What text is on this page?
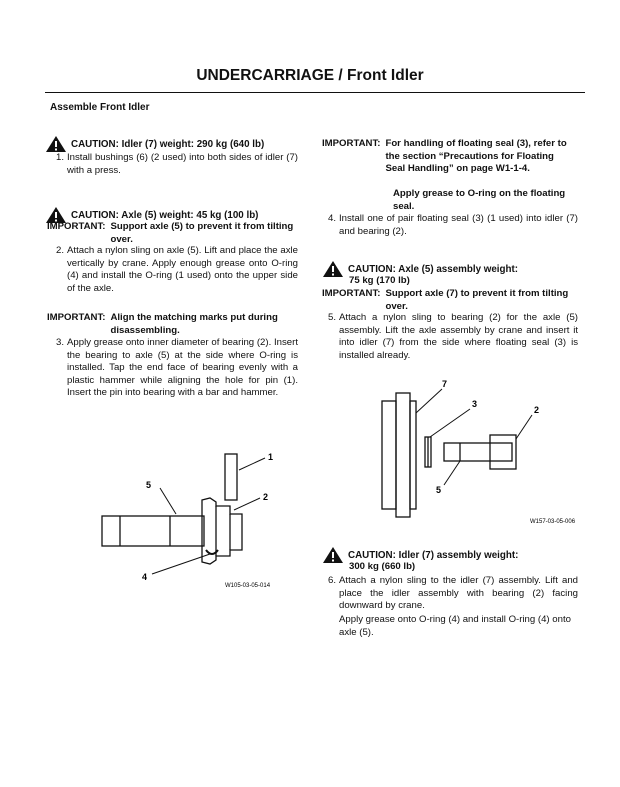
UNDERCARRIAGE / Front Idler
Assemble Front Idler
CAUTION: Idler (7) weight: 290 kg (640 lb)
1. Install bushings (6) (2 used) into both sides of idler (7) with a press.
CAUTION: Axle (5) weight: 45 kg (100 lb)
IMPORTANT: Support axle (5) to prevent it from tilting over.
2. Attach a nylon sling on axle (5). Lift and place the axle vertically by crane. Apply enough grease onto O-ring (4) and install the O-ring (1 used) onto the upper side of the axle.
IMPORTANT: Align the matching marks put during disassembling.
3. Apply grease onto inner diameter of bearing (2). Insert the bearing to axle (5) at the side where O-ring is installed. Tap the end face of bearing evenly with a plastic hammer while aligning the hole for pin (1). Insert the pin into bearing with a bar and hammer.
1
2
4
5
W105-03-05-014
IMPORTANT: For handling of floating seal (3), refer to the section “Precautions for Floating Seal Handling” on page W1-1-4.
Apply grease to O-ring on the floating seal.
4. Install one of pair floating seal (3) (1 used) into idler (7) and bearing (2).
CAUTION: Axle (5) assembly weight:
75 kg (170 lb)
IMPORTANT: Support axle (7) to prevent it from tilting over.
5. Attach a nylon sling to bearing (2) for the axle (5) assembly. Lift the axle assembly by crane and insert it into idler (7) from the side where floating seal (3) is installed already.
7
3
2
5
W157-03-05-006
CAUTION: Idler (7) assembly weight:
300 kg (660 lb)
6. Attach a nylon sling to the idler (7) assembly. Lift and place the idler assembly with bearing (2) facing downward by crane.
Apply grease onto O-ring (4) and install O-ring (4) onto axle (5).
